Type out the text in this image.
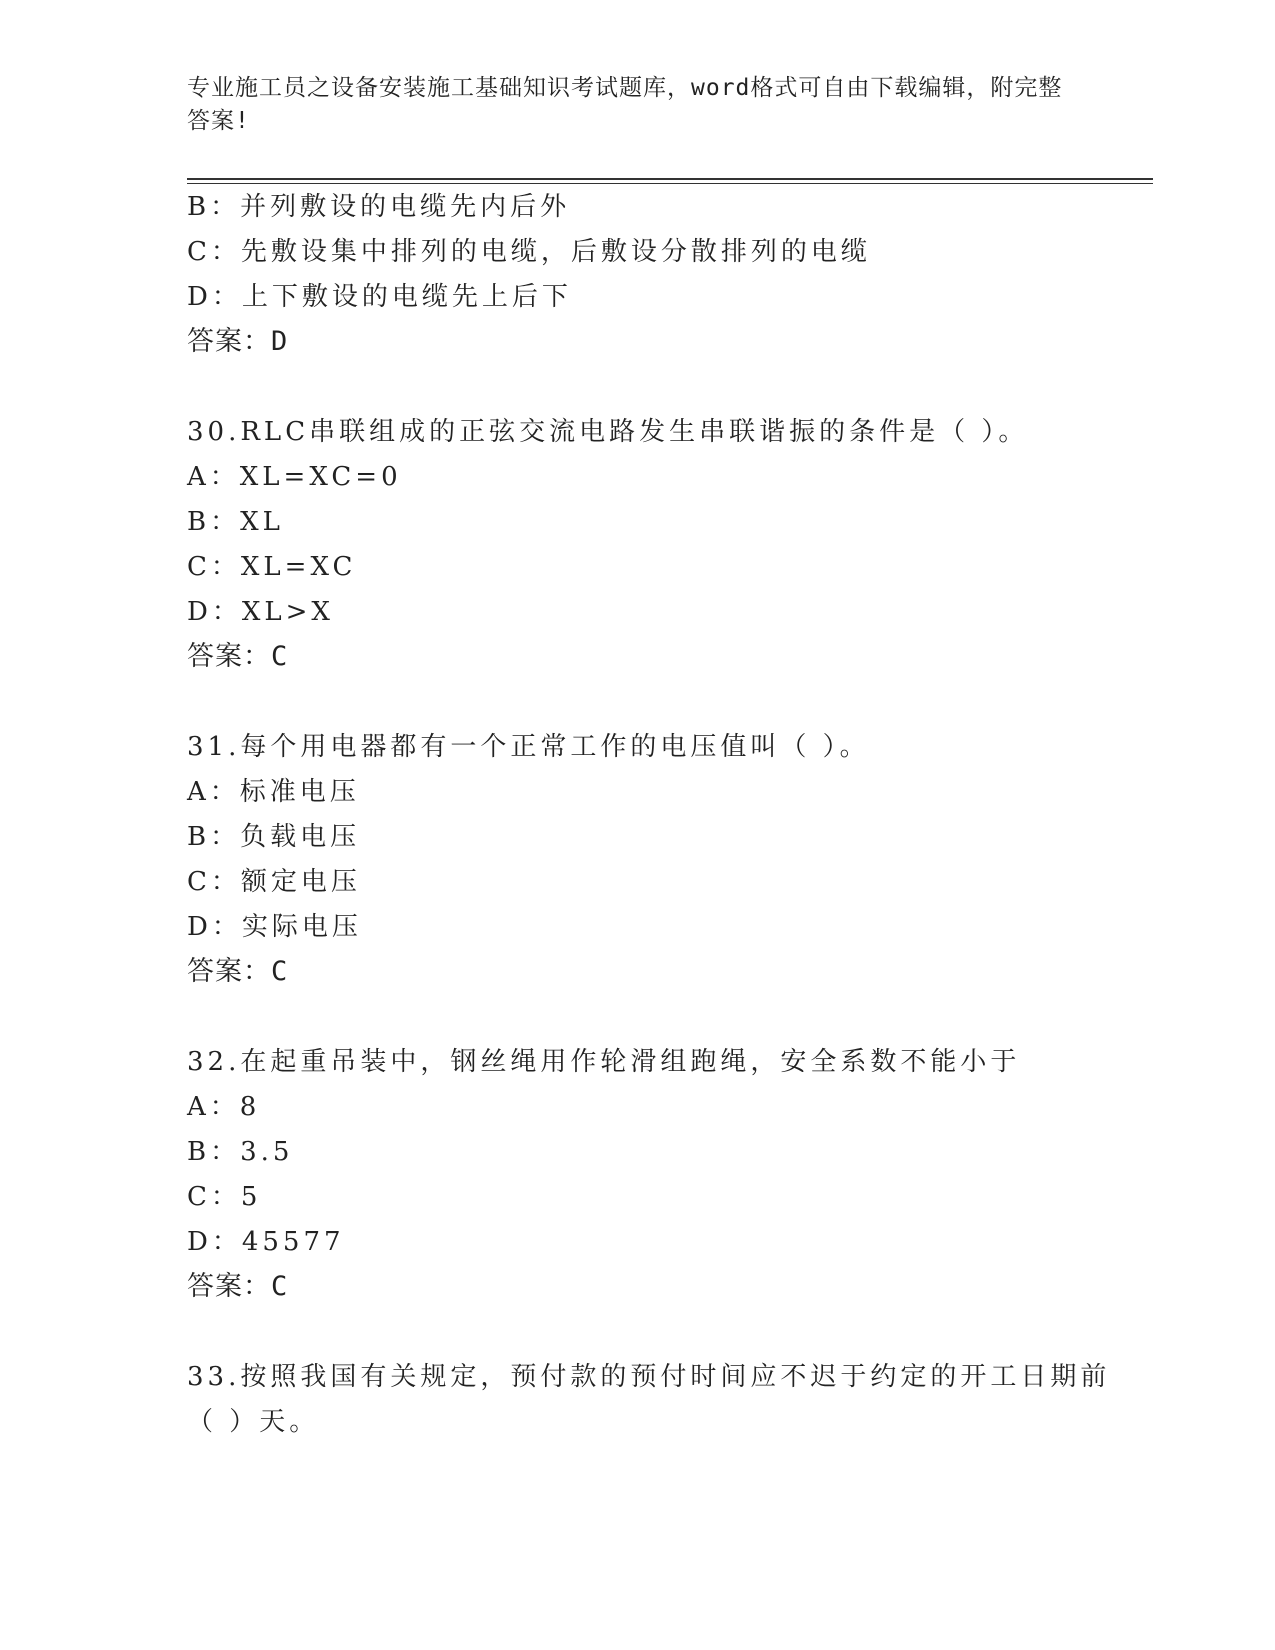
专业施工员之设备安装施工基础知识考试题库，word格式可自由下载编辑，附完整答案!
B：并列敷设的电缆先内后外
C：先敷设集中排列的电缆，后敷设分散排列的电缆
D：上下敷设的电缆先上后下
答案：D
30.RLC串联组成的正弦交流电路发生串联谐振的条件是（ ）。
A：XL=XC=0
B：XL
C：XL=XC
D：XL>X
答案：C
31.每个用电器都有一个正常工作的电压值叫（ ）。
A：标准电压
B：负载电压
C：额定电压
D：实际电压
答案：C
32.在起重吊装中，钢丝绳用作轮滑组跑绳，安全系数不能小于
A：8
B：3.5
C：5
D：45577
答案：C
33.按照我国有关规定，预付款的预付时间应不迟于约定的开工日期前
（ ）天。
